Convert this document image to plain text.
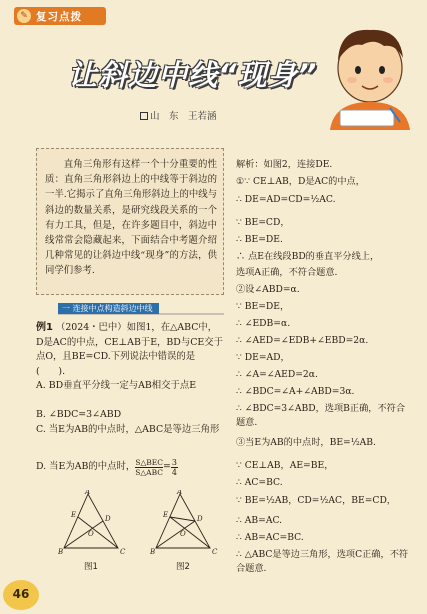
✎ 复习点拨
让斜边中线“现身”
山　东　王若涵
直角三角形有这样一个十分重要的性质：直角三角形斜边上的中线等于斜边的一半.它揭示了直角三角形斜边上的中线与斜边的数量关系，是研究线段关系的一个有力工具，但是，在许多题目中，斜边中线常常会隐藏起来，下面结合中考题介绍几种常见的让斜边中线“现身”的方法，供同学们参考.
一 连接中点构造斜边中线
例1 （2024・巴中）如图1，在△ABC中，D是AC的中点，CE⊥AB于E，BD与CE交于点O，且BE=CD.下列说法中错误的是(　　).
A. BD垂直平分线一定与AB相交于点E
B. ∠BDC=3∠ABD
C. 当E为AB的中点时，△ABC是等边三角形
D. 当E为AB的中点时， S△BEC
S△ABC
= $\frac{3}{4}$
A
B	C
D
E
O
图1
A
B	C
D
E
O
图2
解析：如图2，连接DE.
①∵ CE⊥AB，D是AC的中点，
∴ DE=AD=CD=½AC.
∵ BE=CD，
∴ BE=DE.
∴ 点E在线段BD的垂直平分线上，
选项A正确，不符合题意.
②设∠ABD=α.
∵ BE=DE，
∴ ∠EDB=α.
∴ ∠AED=∠EDB+∠EBD=2α.
∵ DE=AD，
∴ ∠A=∠AED=2α.
∴ ∠BDC=∠A+∠ABD=3α.
∴ ∠BDC=3∠ABD，选项B正确，不符合题意.
③当E为AB的中点时，BE=½AB.
∵ CE⊥AB，AE=BE，
∴ AC=BC.
∵ BE=½AB，CD=½AC，BE=CD，
∴ AB=AC.
∴ AB=AC=BC.
∴ △ABC是等边三角形，选项C正确，不符合题意.
46
